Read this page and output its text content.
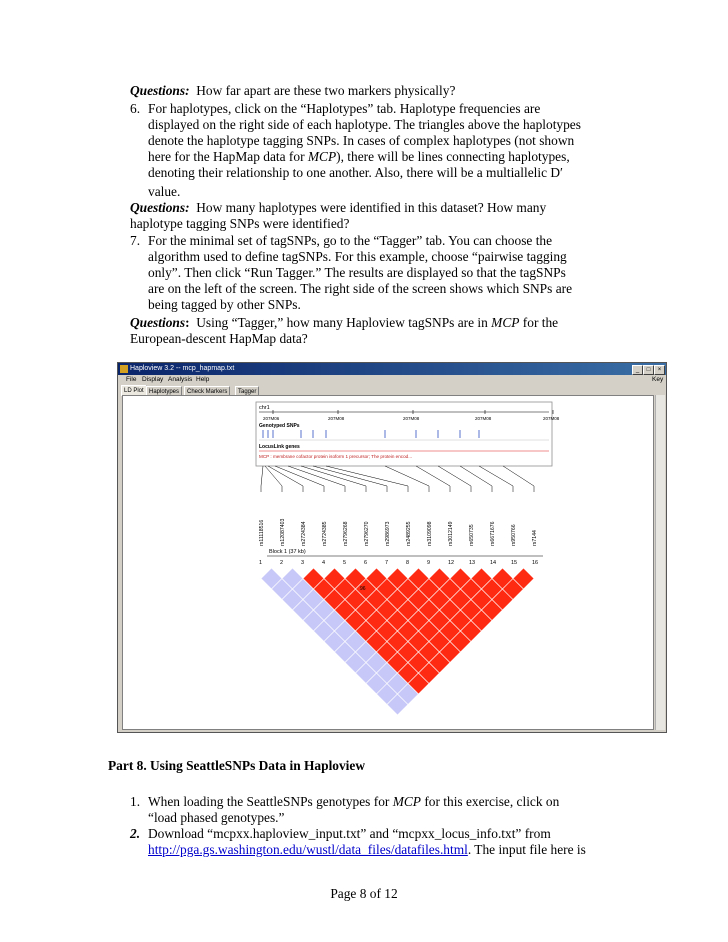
Questions: How far apart are these two markers physically?
6. For haplotypes, click on the “Haplotypes” tab. Haplotype frequencies are
displayed on the right side of each haplotype. The triangles above the haplotypes
denote the haplotype tagging SNPs. In cases of complex haplotypes (not shown
here for the HapMap data for MCP), there will be lines connecting haplotypes,
denoting their relationship to one another. Also, there will be a multiallelic D′
value.
Questions: How many haplotypes were identified in this dataset? How many
haplotype tagging SNPs were identified?
7. For the minimal set of tagSNPs, go to the “Tagger” tab. You can choose the
algorithm used to define tagSNPs. For this example, choose “pairwise tagging
only”. Then click “Run Tagger.” The results are displayed so that the tagSNPs
are on the left of the screen. The right side of the screen shows which SNPs are
being tagged by other SNPs.
Questions: Using “Tagger,” how many Haploview tagSNPs are in MCP for the
European-descent HapMap data?
Haploview 3.2 -- mcp_hapmap.txt	_	□	×
File Display Analysis Help	Key
LD Plot Haplotypes	Check Markers	Tagger
chr1
207M06	207M08	207M08	207M08	207M08
Genotyped SNPs
LocusLink genes
MCP : membrane cofactor protein isoform 1 precursor; The protein encod...
rs11118516	rs12087403	rs2724384	rs2724385	rs2796268	rs2796270	rs2986973	rs2489255	rs3109098	rs3012149	rs650735	rs6671676	rs950766	rs7144
Block 1 (37 kb)
1	2	3	4	5	6	7	8	9	12	13	14	15	16
96
Part 8. Using SeattleSNPs Data in Haploview
1. When loading the SeattleSNPs genotypes for MCP for this exercise, click on
“load phased genotypes.”
2. Download “mcpxx.haploview_input.txt” and “mcpxx_locus_info.txt” from
http://pga.gs.washington.edu/wustl/data_files/datafiles.html. The input file here is
Page 8 of 12
